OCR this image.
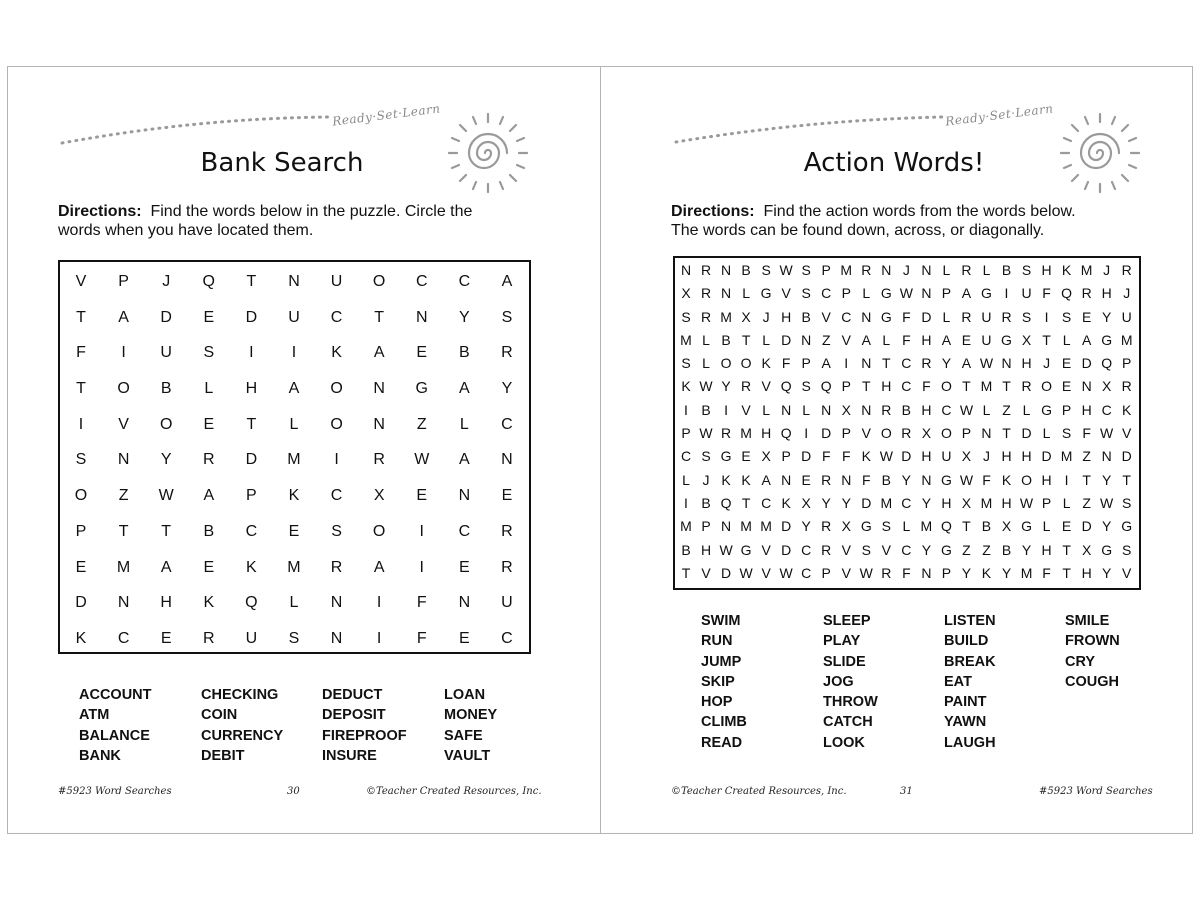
Ready·Set·Learn
Bank Search
Directions: Find the words below in the puzzle. Circle the
words when you have located them.
V P J Q T N U O C C A
T A D E D U C T N Y S
F	I	U S	I	I	K A E B R
T O B L H A O N G A Y
I	V O E T L O N Z L C
S N Y R D M	I	R W A N
O Z W A P K C X E N E
P T T B C E S O	I	C R
E M A E K M R A	I	E R
D N H K Q L N	I	F N U
K C E R U S N	I	F E C
ACCOUNT
ATM
BALANCE
BANK
CHECKING
COIN
CURRENCY
DEBIT
DEDUCT
DEPOSIT
FIREPROOF
INSURE
LOAN
MONEY
SAFE
VAULT
#5923 Word Searches	30	©Teacher Created Resources, Inc.
Ready·Set·Learn
Action Words!
Directions: Find the action words from the words below.
The words can be found down, across, or diagonally.
N R N B S W S P M R N J N L R L B S H K M J R
X R N L G V S C P L G W N P A G I U F Q R H J
S R M X J H B V C N G F D L R U R S I S E Y U
M L B T L D N Z V A L F H A E U G X T L A G M
S L O O K F P A I N T C R Y A W N H J E D Q P
K W Y R V Q S Q P T H C F O T M T R O E N X R
I B I V L N L N X N R B H C W L Z L G P H C K
P W R M H Q I D P V O R X O P N T D L S F W V
C S G E X P D F F K W D H U X J H H D M Z N D
L J K K A N E R N F B Y N G W F K O H I T Y T
I B Q T C K X Y Y D M C Y H X M H W P L Z W S
M P N M M D Y R X G S L M Q T B X G L E D Y G
B H W G V D C R V S V C Y G Z Z B Y H T X G S
T V D W V W C P V W R F N P Y K Y M F T H Y V
SWIM
RUN
JUMP
SKIP
HOP
CLIMB
READ
SLEEP
PLAY
SLIDE
JOG
THROW
CATCH
LOOK
LISTEN
BUILD
BREAK
EAT
PAINT
YAWN
LAUGH
SMILE
FROWN
CRY
COUGH
©Teacher Created Resources, Inc.	31	#5923 Word Searches
